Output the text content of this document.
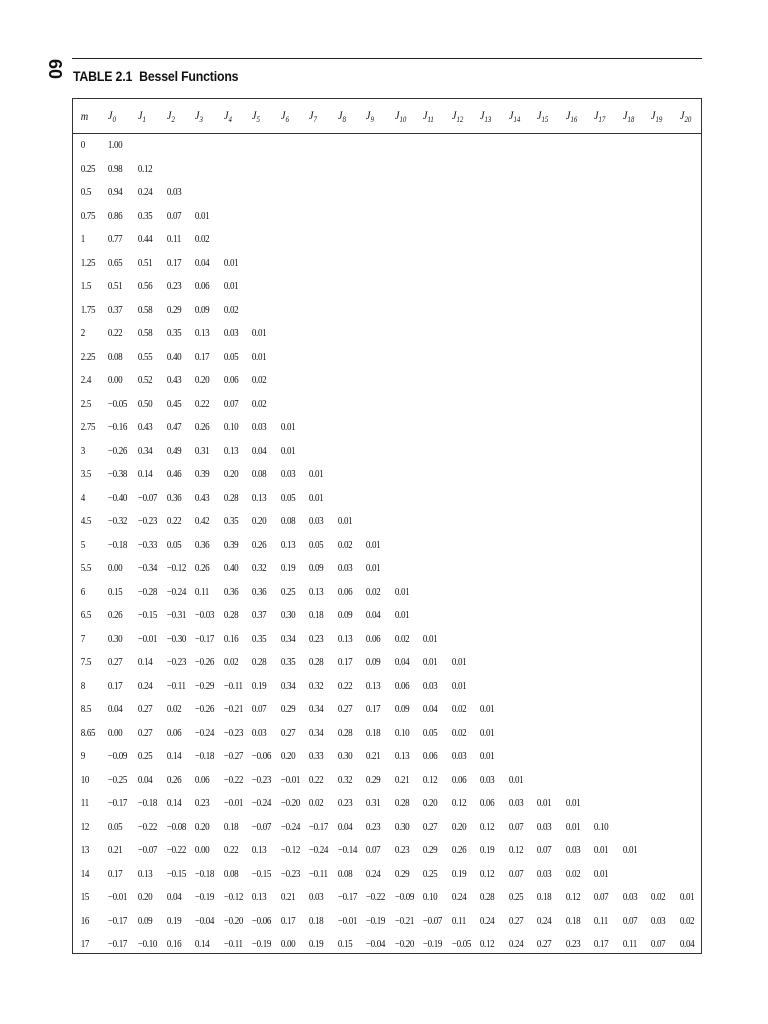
60 TABLE 2.1 Bessel Functions
m	$J_0$	$J_1$	$J_2$	$J_3$	$J_4$	$J_5$	$J_6$	$J_7$	$J_8$	$J_9$	$J_{10}$	$J_{11}$	$J_{12}$	$J_{13}$	$J_{14}$	$J_{15}$	$J_{16}$	$J_{17}$	$J_{18}$	$J_{19}$	$J_{20}$
0	1.00																				
0.25	0.98	0.12																			
0.5	0.94	0.24	0.03																		
0.75	0.86	0.35	0.07	0.01																	
1	0.77	0.44	0.11	0.02																	
1.25	0.65	0.51	0.17	0.04	0.01																
1.5	0.51	0.56	0.23	0.06	0.01																
1.75	0.37	0.58	0.29	0.09	0.02																
2	0.22	0.58	0.35	0.13	0.03	0.01															
2.25	0.08	0.55	0.40	0.17	0.05	0.01															
2.4	0.00	0.52	0.43	0.20	0.06	0.02															
2.5	−0.05	0.50	0.45	0.22	0.07	0.02															
2.75	−0.16	0.43	0.47	0.26	0.10	0.03	0.01														
3	−0.26	0.34	0.49	0.31	0.13	0.04	0.01														
3.5	−0.38	0.14	0.46	0.39	0.20	0.08	0.03	0.01													
4	−0.40	−0.07	0.36	0.43	0.28	0.13	0.05	0.01													
4.5	−0.32	−0.23	0.22	0.42	0.35	0.20	0.08	0.03	0.01												
5	−0.18	−0.33	0.05	0.36	0.39	0.26	0.13	0.05	0.02	0.01											
5.5	0.00	−0.34	−0.12	0.26	0.40	0.32	0.19	0.09	0.03	0.01											
6	0.15	−0.28	−0.24	0.11	0.36	0.36	0.25	0.13	0.06	0.02	0.01										
6.5	0.26	−0.15	−0.31	−0.03	0.28	0.37	0.30	0.18	0.09	0.04	0.01										
7	0.30	−0.01	−0.30	−0.17	0.16	0.35	0.34	0.23	0.13	0.06	0.02	0.01									
7.5	0.27	0.14	−0.23	−0.26	0.02	0.28	0.35	0.28	0.17	0.09	0.04	0.01	0.01								
8	0.17	0.24	−0.11	−0.29	−0.11	0.19	0.34	0.32	0.22	0.13	0.06	0.03	0.01								
8.5	0.04	0.27	0.02	−0.26	−0.21	0.07	0.29	0.34	0.27	0.17	0.09	0.04	0.02	0.01							
8.65	0.00	0.27	0.06	−0.24	−0.23	0.03	0.27	0.34	0.28	0.18	0.10	0.05	0.02	0.01							
9	−0.09	0.25	0.14	−0.18	−0.27	−0.06	0.20	0.33	0.30	0.21	0.13	0.06	0.03	0.01							
10	−0.25	0.04	0.26	0.06	−0.22	−0.23	−0.01	0.22	0.32	0.29	0.21	0.12	0.06	0.03	0.01						
11	−0.17	−0.18	0.14	0.23	−0.01	−0.24	−0.20	0.02	0.23	0.31	0.28	0.20	0.12	0.06	0.03	0.01	0.01				
12	0.05	−0.22	−0.08	0.20	0.18	−0.07	−0.24	−0.17	0.04	0.23	0.30	0.27	0.20	0.12	0.07	0.03	0.01	0.10			
13	0.21	−0.07	−0.22	0.00	0.22	0.13	−0.12	−0.24	−0.14	0.07	0.23	0.29	0.26	0.19	0.12	0.07	0.03	0.01	0.01		
14	0.17	0.13	−0.15	−0.18	0.08	−0.15	−0.23	−0.11	0.08	0.24	0.29	0.25	0.19	0.12	0.07	0.03	0.02	0.01			
15	−0.01	0.20	0.04	−0.19	−0.12	0.13	0.21	0.03	−0.17	−0.22	−0.09	0.10	0.24	0.28	0.25	0.18	0.12	0.07	0.03	0.02	0.01
16	−0.17	0.09	0.19	−0.04	−0.20	−0.06	0.17	0.18	−0.01	−0.19	−0.21	−0.07	0.11	0.24	0.27	0.24	0.18	0.11	0.07	0.03	0.02
17	−0.17	−0.10	0.16	0.14	−0.11	−0.19	0.00	0.19	0.15	−0.04	−0.20	−0.19	−0.05	0.12	0.24	0.27	0.23	0.17	0.11	0.07	0.04
